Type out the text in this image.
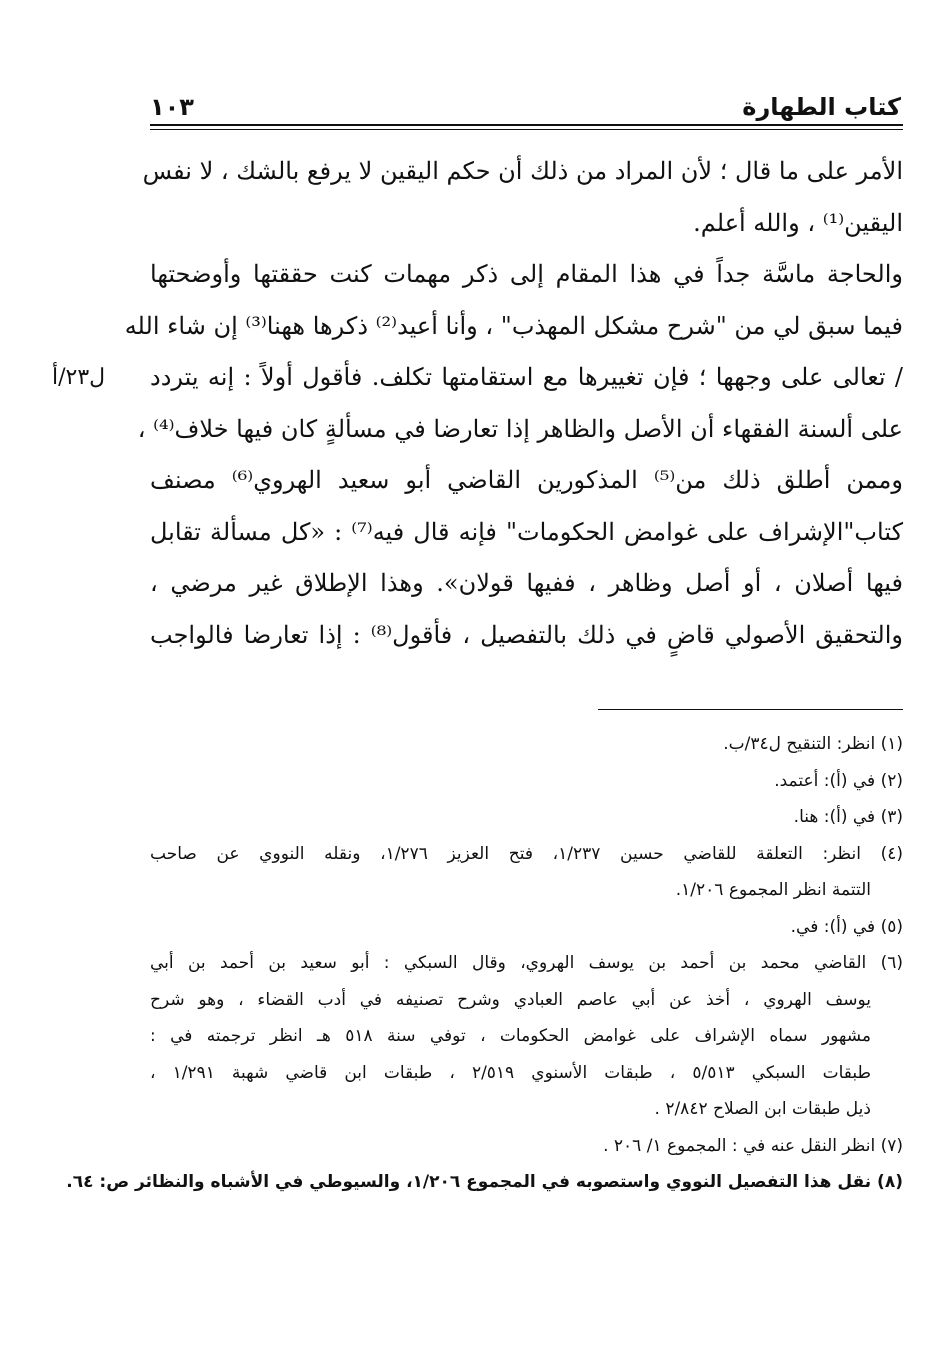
كتاب الطهارة
١٠٣
ل٢٣/أ
الأمر على ما قال ؛ لأن المراد من ذلك أن حكم اليقين لا يرفع بالشك ، لا نفس
اليقين⁽¹⁾ ، والله أعلم.
والحاجة ماسَّة جداً في هذا المقام إلى ذكر مهمات كنت حققتها وأوضحتها
فيما سبق لي من "شرح مشكل المهذب" ، وأنا أعيد⁽²⁾ ذكرها ههنا⁽³⁾ إن شاء الله
/ تعالى على وجهها ؛ فإن تغييرها مع استقامتها تكلف. فأقول أولاً : إنه يتردد
على ألسنة الفقهاء أن الأصل والظاهر إذا تعارضا في مسألةٍ كان فيها خلاف⁽⁴⁾ ،
وممن أطلق ذلك من⁽⁵⁾ المذكورين القاضي أبو سعيد الهروي⁽⁶⁾ مصنف
كتاب"الإشراف على غوامض الحكومات" فإنه قال فيه⁽⁷⁾ : «كل مسألة تقابل
فيها أصلان ، أو أصل وظاهر ، ففيها قولان». وهذا الإطلاق غير مرضي ،
والتحقيق الأصولي قاضٍ في ذلك بالتفصيل ، فأقول⁽⁸⁾ : إذا تعارضا فالواجب
(١) انظر: التنقيح ل٣٤/ب.
(٢) في (أ): أعتمد.
(٣) في (أ): هنا.
(٤) انظر: التعلقة للقاضي حسين ١/٢٣٧، فتح العزيز ١/٢٧٦، ونقله النووي عن صاحب
التتمة انظر المجموع ١/٢٠٦.
(٥) في (أ): في.
(٦) القاضي محمد بن أحمد بن يوسف الهروي، وقال السبكي : أبو سعيد بن أحمد بن أبي
يوسف الهروي ، أخذ عن أبي عاصم العبادي وشرح تصنيفه في أدب القضاء ، وهو شرح
مشهور سماه الإشراف على غوامض الحكومات ، توفي سنة ٥١٨ هـ انظر ترجمته في :
طبقات السبكي ٥/٥١٣ ، طبقات الأسنوي ٢/٥١٩ ، طبقات ابن قاضي شهبة ١/٢٩١ ،
ذيل طبقات ابن الصلاح ٢/٨٤٢ .
(٧) انظر النقل عنه في : المجموع ١/ ٢٠٦ .
(٨) نقل هذا التفصيل النووي واستصوبه في المجموع ١/٢٠٦، والسيوطي في الأشباه والنظائر ص: ٦٤.
